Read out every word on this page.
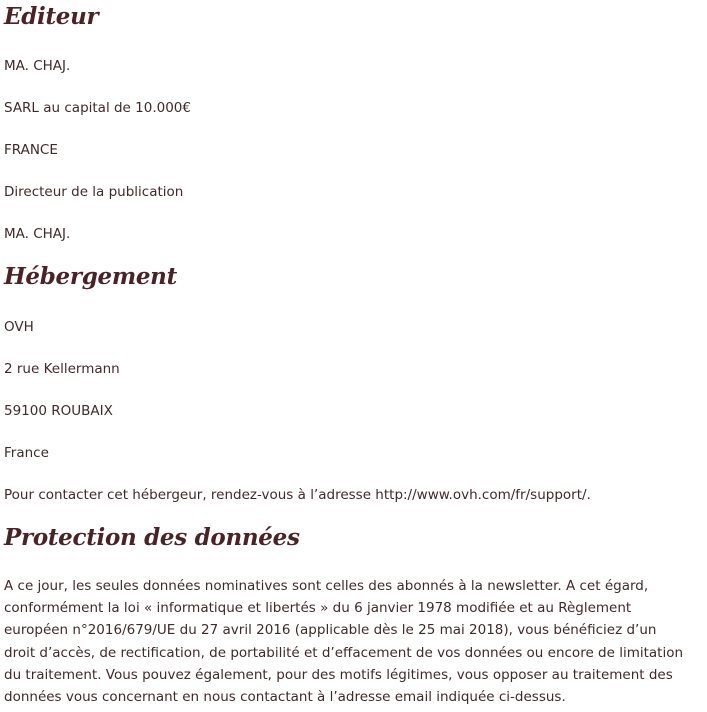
Editeur

MA. CHAJ.

SARL au capital de 10.000€

FRANCE

Directeur de la publication

MA. CHAJ.

Hébergement

OVH

2 rue Kellermann

59100 ROUBAIX

France

Pour contacter cet hébergeur, rendez-vous à l’adresse http://www.ovh.com/fr/support/.

Protection des données

A ce jour, les seules données nominatives sont celles des abonnés à la newsletter. A cet égard, conformément la loi « informatique et libertés » du 6 janvier 1978 modifiée et au Règlement européen n°2016/679/UE du 27 avril 2016 (applicable dès le 25 mai 2018), vous bénéficiez d’un droit d’accès, de rectification, de portabilité et d’effacement de vos données ou encore de limitation du traitement. Vous pouvez également, pour des motifs légitimes, vous opposer au traitement des données vous concernant en nous contactant à l’adresse email indiquée ci-dessus.
